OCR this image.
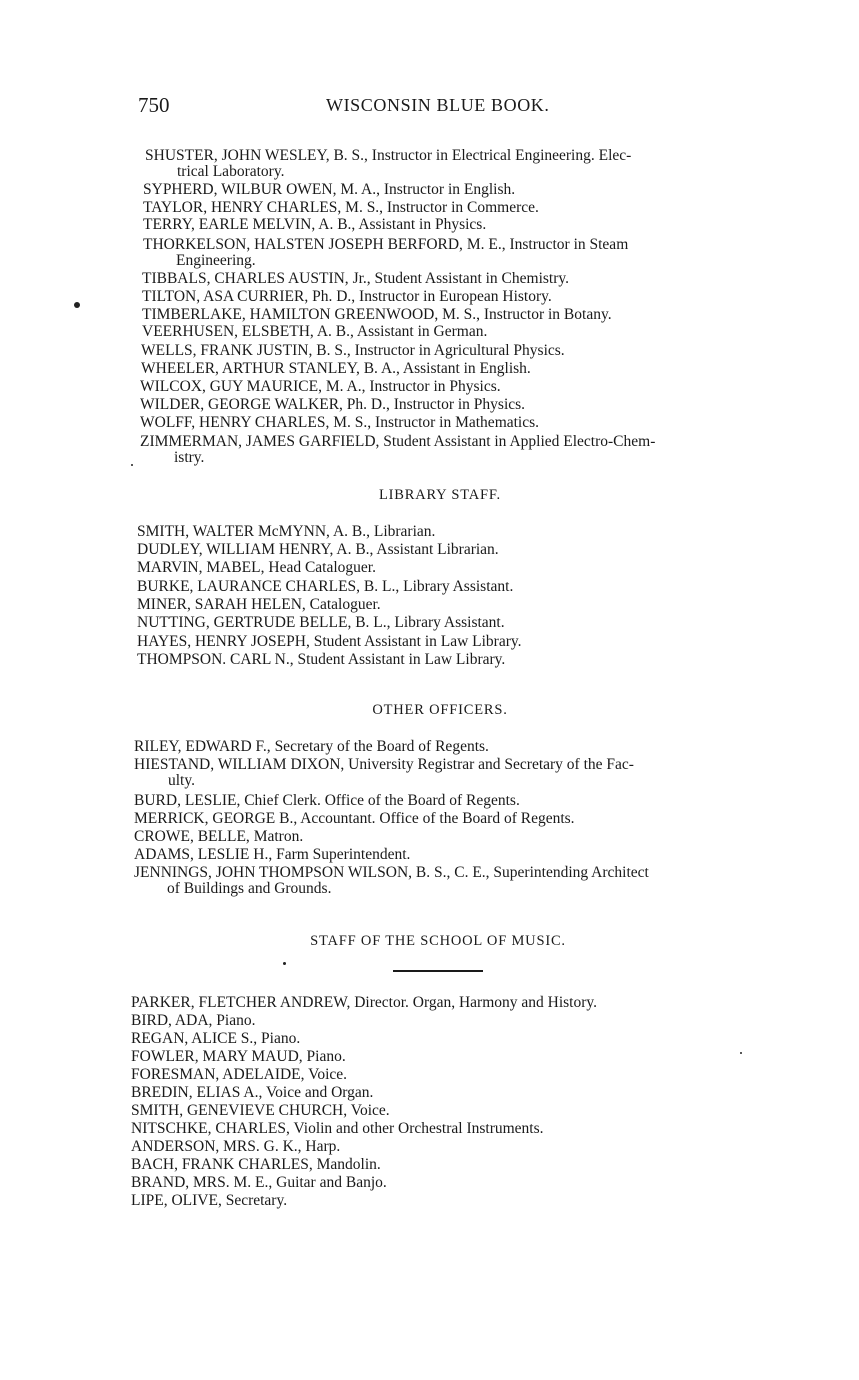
750	WISCONSIN BLUE BOOK.
SHUSTER, JOHN WESLEY, B. S., Instructor in Electrical Engineering. Elec-
trical Laboratory.
SYPHERD, WILBUR OWEN, M. A., Instructor in English.
TAYLOR, HENRY CHARLES, M. S., Instructor in Commerce.
TERRY, EARLE MELVIN, A. B., Assistant in Physics.
THORKELSON, HALSTEN JOSEPH BERFORD, M. E., Instructor in Steam
Engineering.
TIBBALS, CHARLES AUSTIN, Jr., Student Assistant in Chemistry.
TILTON, ASA CURRIER, Ph. D., Instructor in European History.
TIMBERLAKE, HAMILTON GREENWOOD, M. S., Instructor in Botany.
VEERHUSEN, ELSBETH, A. B., Assistant in German.
WELLS, FRANK JUSTIN, B. S., Instructor in Agricultural Physics.
WHEELER, ARTHUR STANLEY, B. A., Assistant in English.
WILCOX, GUY MAURICE, M. A., Instructor in Physics.
WILDER, GEORGE WALKER, Ph. D., Instructor in Physics.
WOLFF, HENRY CHARLES, M. S., Instructor in Mathematics.
ZIMMERMAN, JAMES GARFIELD, Student Assistant in Applied Electro-Chem-
istry.
LIBRARY STAFF.
SMITH, WALTER McMYNN, A. B., Librarian.
DUDLEY, WILLIAM HENRY, A. B., Assistant Librarian.
MARVIN, MABEL, Head Cataloguer.
BURKE, LAURANCE CHARLES, B. L., Library Assistant.
MINER, SARAH HELEN, Cataloguer.
NUTTING, GERTRUDE BELLE, B. L., Library Assistant.
HAYES, HENRY JOSEPH, Student Assistant in Law Library.
THOMPSON. CARL N., Student Assistant in Law Library.
OTHER OFFICERS.
RILEY, EDWARD F., Secretary of the Board of Regents.
HIESTAND, WILLIAM DIXON, University Registrar and Secretary of the Fac-
ulty.
BURD, LESLIE, Chief Clerk. Office of the Board of Regents.
MERRICK, GEORGE B., Accountant. Office of the Board of Regents.
CROWE, BELLE, Matron.
ADAMS, LESLIE H., Farm Superintendent.
JENNINGS, JOHN THOMPSON WILSON, B. S., C. E., Superintending Architect
of Buildings and Grounds.
STAFF OF THE SCHOOL OF MUSIC.
PARKER, FLETCHER ANDREW, Director. Organ, Harmony and History.
BIRD, ADA, Piano.
REGAN, ALICE S., Piano.
FOWLER, MARY MAUD, Piano.
FORESMAN, ADELAIDE, Voice.
BREDIN, ELIAS A., Voice and Organ.
SMITH, GENEVIEVE CHURCH, Voice.
NITSCHKE, CHARLES, Violin and other Orchestral Instruments.
ANDERSON, MRS. G. K., Harp.
BACH, FRANK CHARLES, Mandolin.
BRAND, MRS. M. E., Guitar and Banjo.
LIPE, OLIVE, Secretary.
